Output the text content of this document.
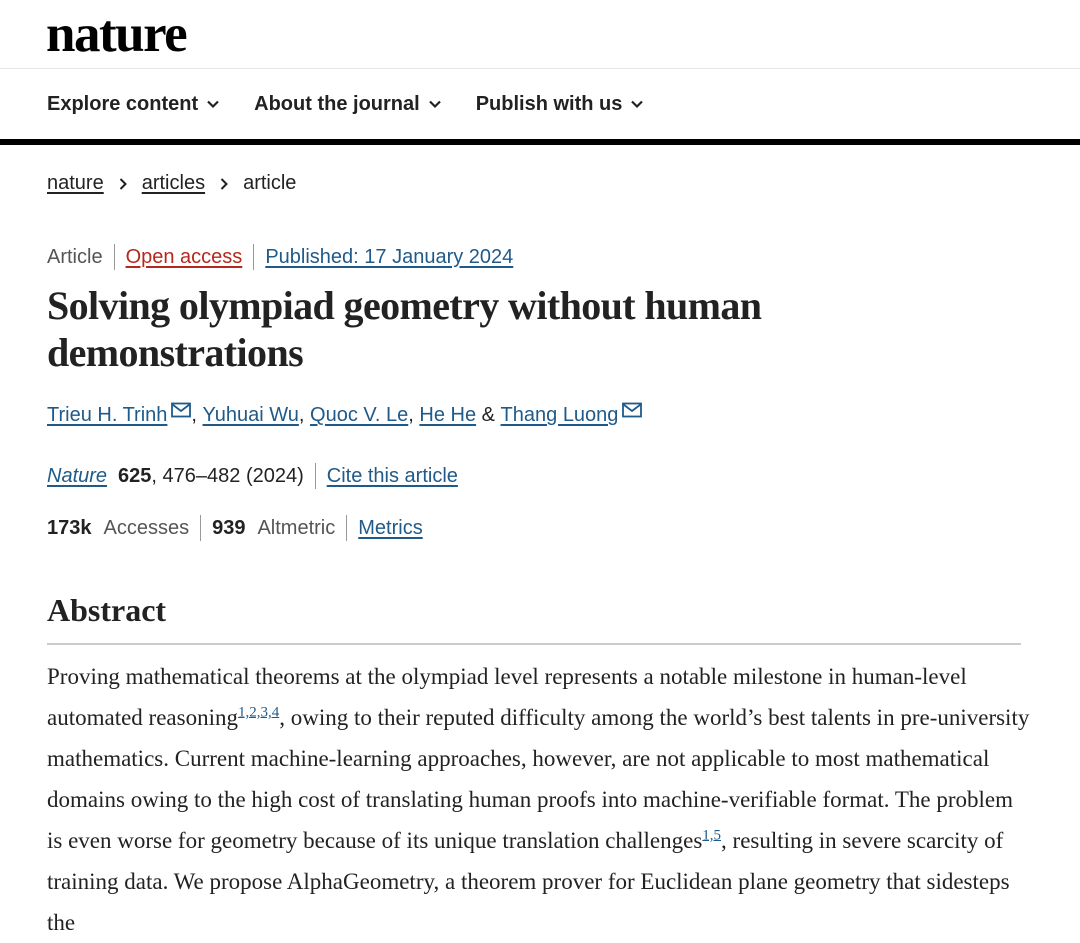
nature
Explore content	About the journal	Publish with us
nature articles article
Article Open access Published: 17 January 2024
Solving olympiad geometry without human demonstrations
Trieu H. Trinh , Yuhuai Wu , Quoc V. Le , He He & Thang Luong
Nature 625 , 476–482 (2024) Cite this article
173k Accesses 939 Altmetric Metrics
Abstract

Proving mathematical theorems at the olympiad level represents a notable milestone in human-level automated reasoning$^{1,2,3,4}$, owing to their reputed difficulty among the world’s best talents in pre-university mathematics. Current machine-learning approaches, however, are not applicable to most mathematical domains owing to the high cost of translating human proofs into machine-verifiable format. The problem is even worse for geometry because of its unique translation challenges$^{1,5}$, resulting in severe scarcity of training data. We propose AlphaGeometry, a theorem prover for Euclidean plane geometry that sidesteps the
